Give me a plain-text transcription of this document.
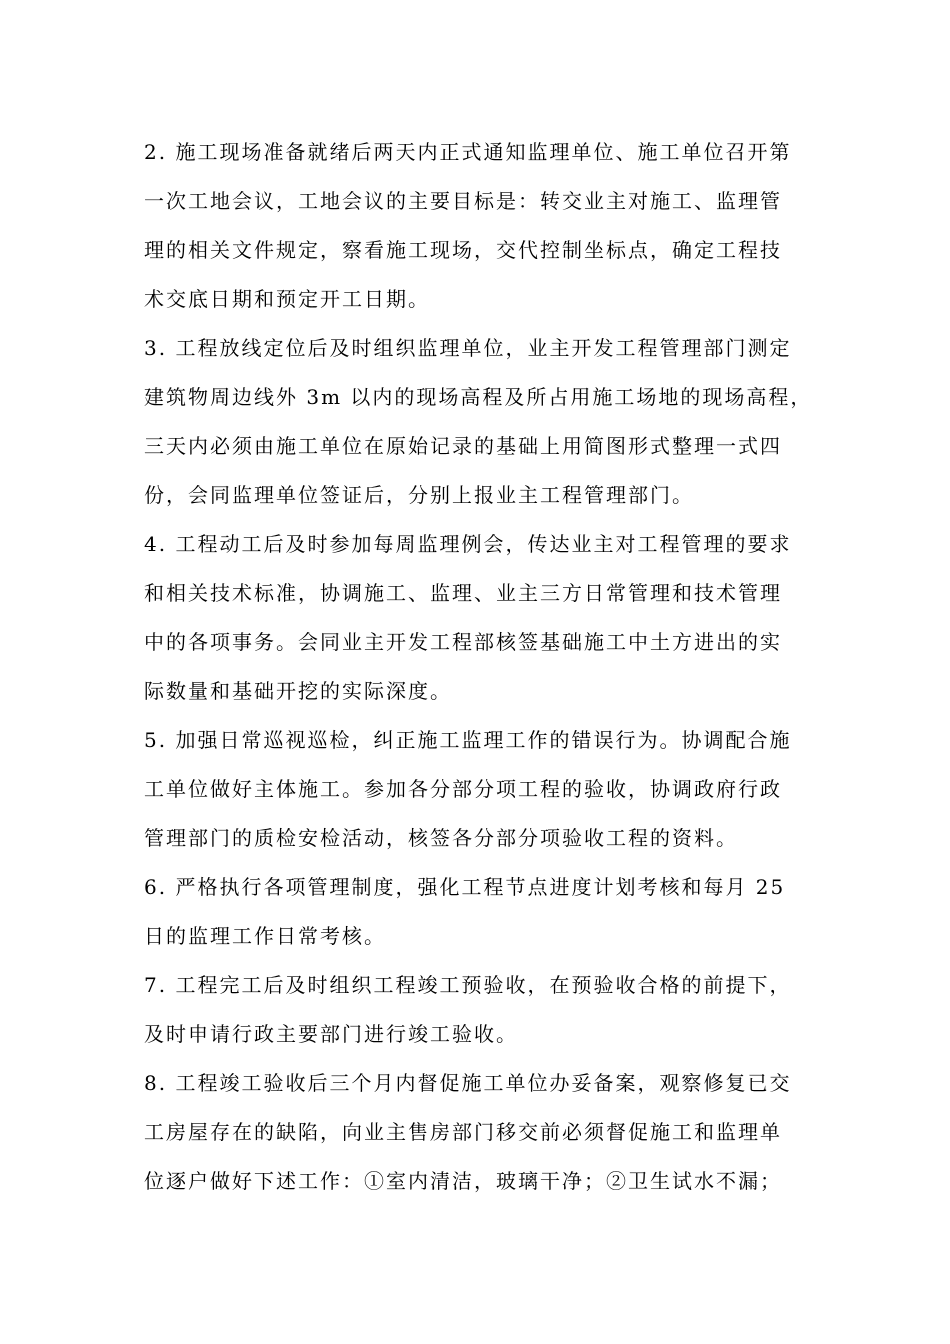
2. 施工现场准备就绪后两天内正式通知监理单位、施工单位召开第
一次工地会议，工地会议的主要目标是：转交业主对施工、监理管
理的相关文件规定，察看施工现场，交代控制坐标点，确定工程技
术交底日期和预定开工日期。
3. 工程放线定位后及时组织监理单位，业主开发工程管理部门测定
建筑物周边线外 3m 以内的现场高程及所占用施工场地的现场高程，
三天内必须由施工单位在原始记录的基础上用简图形式整理一式四
份，会同监理单位签证后，分别上报业主工程管理部门。
4. 工程动工后及时参加每周监理例会，传达业主对工程管理的要求
和相关技术标准，协调施工、监理、业主三方日常管理和技术管理
中的各项事务。会同业主开发工程部核签基础施工中土方进出的实
际数量和基础开挖的实际深度。
5. 加强日常巡视巡检，纠正施工监理工作的错误行为。协调配合施
工单位做好主体施工。参加各分部分项工程的验收，协调政府行政
管理部门的质检安检活动，核签各分部分项验收工程的资料。
6. 严格执行各项管理制度，强化工程节点进度计划考核和每月 25
日的监理工作日常考核。
7. 工程完工后及时组织工程竣工预验收，在预验收合格的前提下，
及时申请行政主要部门进行竣工验收。
8. 工程竣工验收后三个月内督促施工单位办妥备案，观察修复已交
工房屋存在的缺陷，向业主售房部门移交前必须督促施工和监理单
位逐户做好下述工作：①室内清洁，玻璃干净；②卫生试水不漏；
